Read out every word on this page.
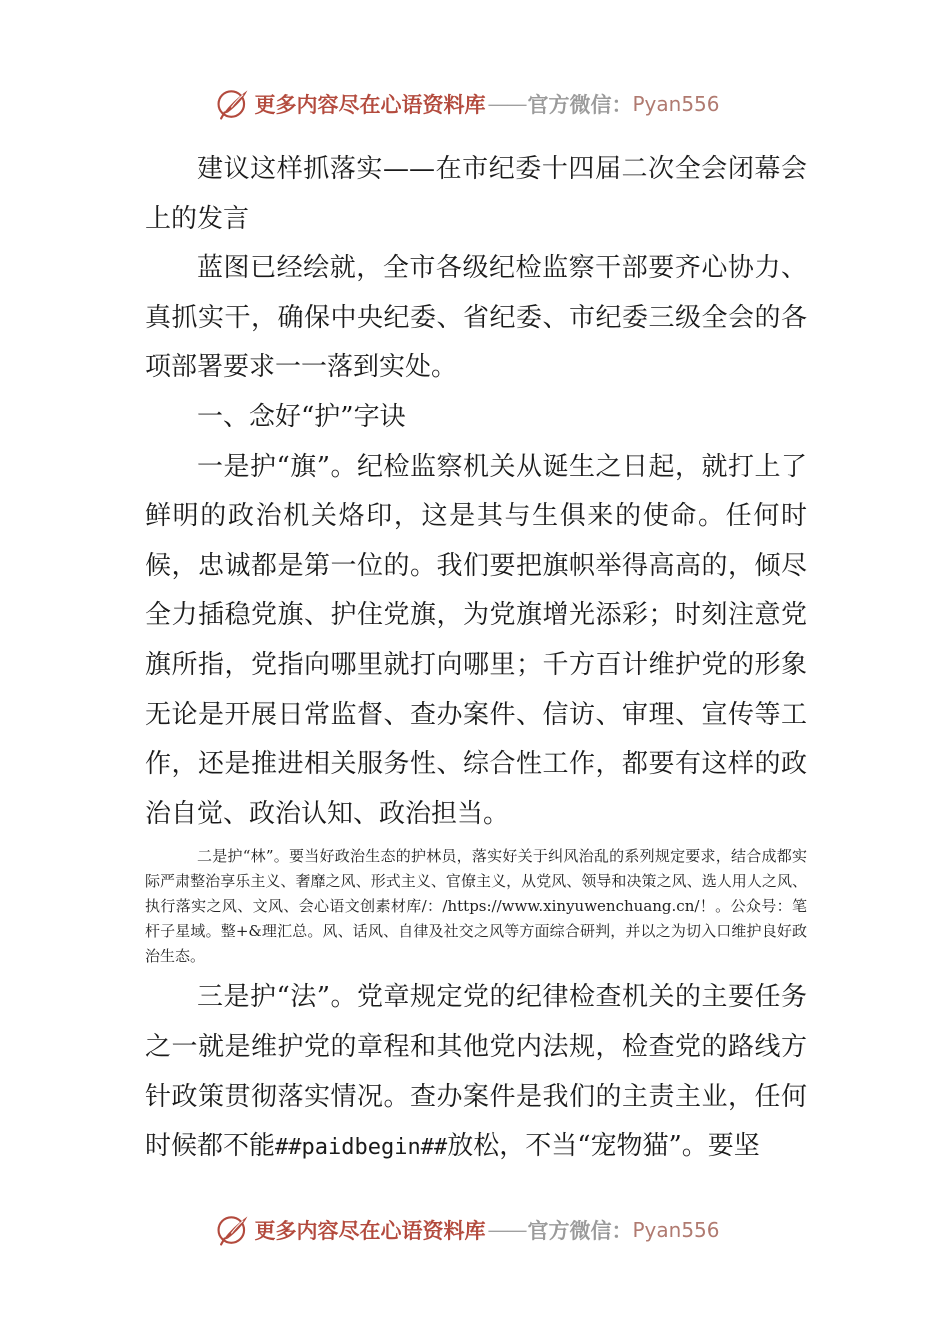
更多内容尽在心语资料库 —— 官方微信： Pyan556

建议这样抓落实——在市纪委十四届二次全会闭幕会上的发言

蓝图已经绘就，全市各级纪检监察干部要齐心协力、真抓实干，确保中央纪委、省纪委、市纪委三级全会的各项部署要求一一落到实处。

一、念好“护”字诀

一是护“旗”。纪检监察机关从诞生之日起，就打上了鲜明的政治机关烙印，这是其与生俱来的使命。任何时候，忠诚都是第一位的。我们要把旗帜举得高高的，倾尽全力插稳党旗、护住党旗，为党旗增光添彩；时刻注意党旗所指，党指向哪里就打向哪里；千方百计维护党的形象无论是开展日常监督、查办案件、信访、审理、宣传等工作，还是推进相关服务性、综合性工作，都要有这样的政治自觉、政治认知、政治担当。

二是护“林”。要当好政治生态的护林员，落实好关于纠风治乱的系列规定要求，结合成都实际严肃整治享乐主义、奢靡之风、形式主义、官僚主义，从党风、领导和决策之风、选人用人之风、执行落实之风、文风、会心语文创素材库/：/https://www.xinyuwenchuang.cn/！。公众号：笔杆子星域。整+&理汇总。风、话风、自律及社交之风等方面综合研判，并以之为切入口维护良好政治生态。

三是护“法”。党章规定党的纪律检查机关的主要任务之一就是维护党的章程和其他党内法规，检查党的路线方针政策贯彻落实情况。查办案件是我们的主责主业，任何时候都不能##paidbegin##放松，不当“宠物猫”。要坚

更多内容尽在心语资料库 —— 官方微信： Pyan556
